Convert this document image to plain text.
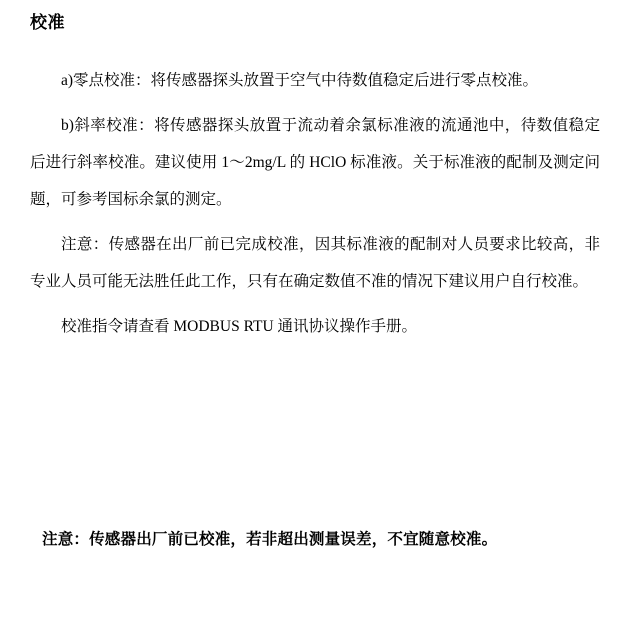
校准

a)零点校准：将传感器探头放置于空气中待数值稳定后进行零点校准。

b)斜率校准：将传感器探头放置于流动着余氯标准液的流通池中，待数值稳定后进行斜率校准。建议使用 1～2mg/L 的 HClO 标准液。关于标准液的配制及测定问题，可参考国标余氯的测定。

注意：传感器在出厂前已完成校准，因其标准液的配制对人员要求比较高，非专业人员可能无法胜任此工作，只有在确定数值不准的情况下建议用户自行校准。

校准指令请查看 MODBUS RTU 通讯协议操作手册。

注意：传感器出厂前已校准，若非超出测量误差，不宜随意校准。
